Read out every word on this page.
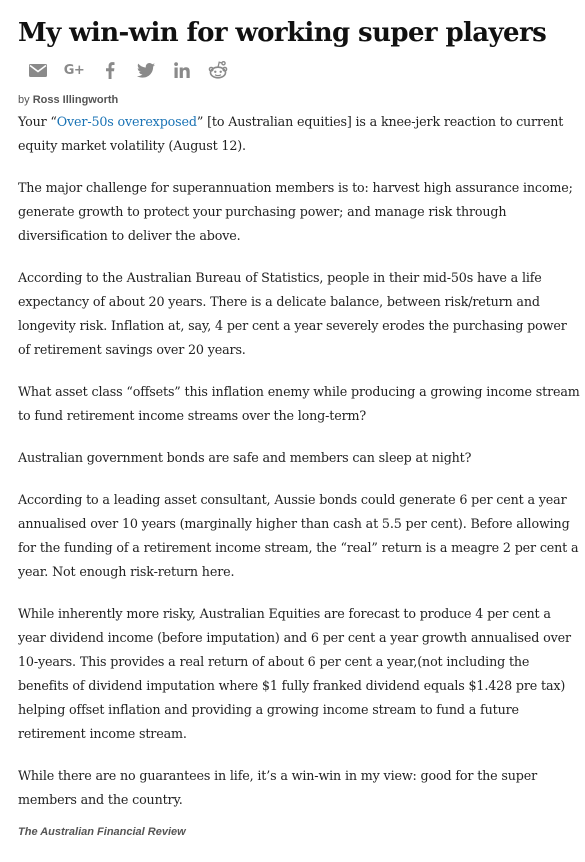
My win-win for working super players
G+
by Ross Illingworth

Your “Over-50s overexposed” [to Australian equities] is a knee-jerk reaction to current equity market volatility (August 12).

The major challenge for superannuation members is to: harvest high assurance income; generate growth to protect your purchasing power; and manage risk through diversification to deliver the above.

According to the Australian Bureau of Statistics, people in their mid-50s have a life expectancy of about 20 years. There is a delicate balance, between risk/return and longevity risk. Inflation at, say, 4 per cent a year severely erodes the purchasing power of retirement savings over 20 years.

What asset class “offsets” this inflation enemy while producing a growing income stream to fund retirement income streams over the long-term?

Australian government bonds are safe and members can sleep at night?

According to a leading asset consultant, Aussie bonds could generate 6 per cent a year annualised over 10 years (marginally higher than cash at 5.5 per cent). Before allowing for the funding of a retirement income stream, the “real” return is a meagre 2 per cent a year. Not enough risk-return here.

While inherently more risky, Australian Equities are forecast to produce 4 per cent a year dividend income (before imputation) and 6 per cent a year growth annualised over 10-years. This provides a real return of about 6 per cent a year,(not including the benefits of dividend imputation where $1 fully franked dividend equals $1.428 pre tax) helping offset inflation and providing a growing income stream to fund a future retirement income stream.

While there are no guarantees in life, it’s a win-win in my view: good for the super members and the country.

The Australian Financial Review
